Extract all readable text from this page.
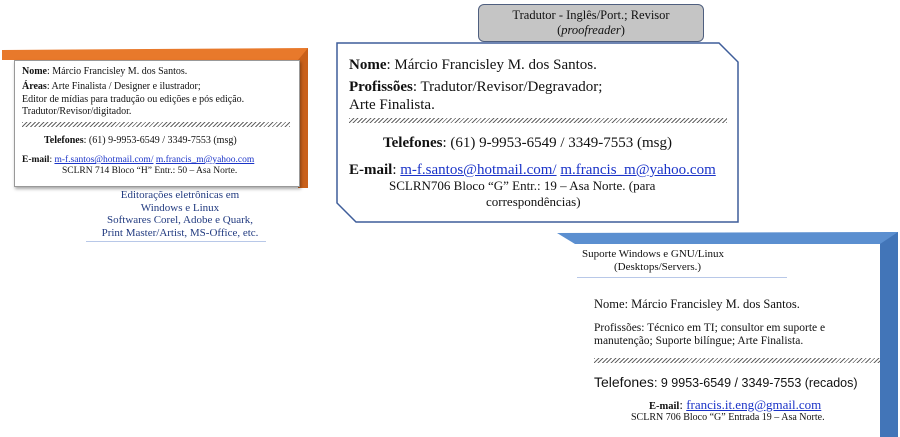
Nome: Márcio Francisley M. dos Santos.
Áreas: Arte Finalista / Designer e ilustrador;
Editor de mídias para tradução ou edições e pós edição.
Tradutor/Revisor/digitador.
Telefones: (61) 9-9953-6549 / 3349-7553 (msg)
E-mail: m-f.santos@hotmail.com/ m.francis_m@yahoo.com
SCLRN 714 Bloco “H” Entr.: 50 – Asa Norte.
Editorações eletrônicas em
Windows e Linux
Softwares Corel, Adobe e Quark,
Print Master/Artist, MS-Office, etc.
Tradutor - Inglês/Port.; Revisor
(proofreader)
Nome: Márcio Francisley M. dos Santos.
Profissões: Tradutor/Revisor/Degravador;
Arte Finalista.
Telefones: (61) 9-9953-6549 / 3349-7553 (msg)
E-mail: m-f.santos@hotmail.com/ m.francis_m@yahoo.com
SCLRN706 Bloco “G” Entr.: 19 – Asa Norte. (para
correspondências)
Suporte Windows e GNU/Linux
(Desktops/Servers.)
Nome: Márcio Francisley M. dos Santos.
Profissões: Técnico em TI; consultor em suporte e
manutenção; Suporte bilíngue; Arte Finalista.
Telefones: 9 9953-6549 / 3349-7553 (recados)
E-mail: francis.it.eng@gmail.com
SCLRN 706 Bloco “G” Entrada 19 – Asa Norte.
